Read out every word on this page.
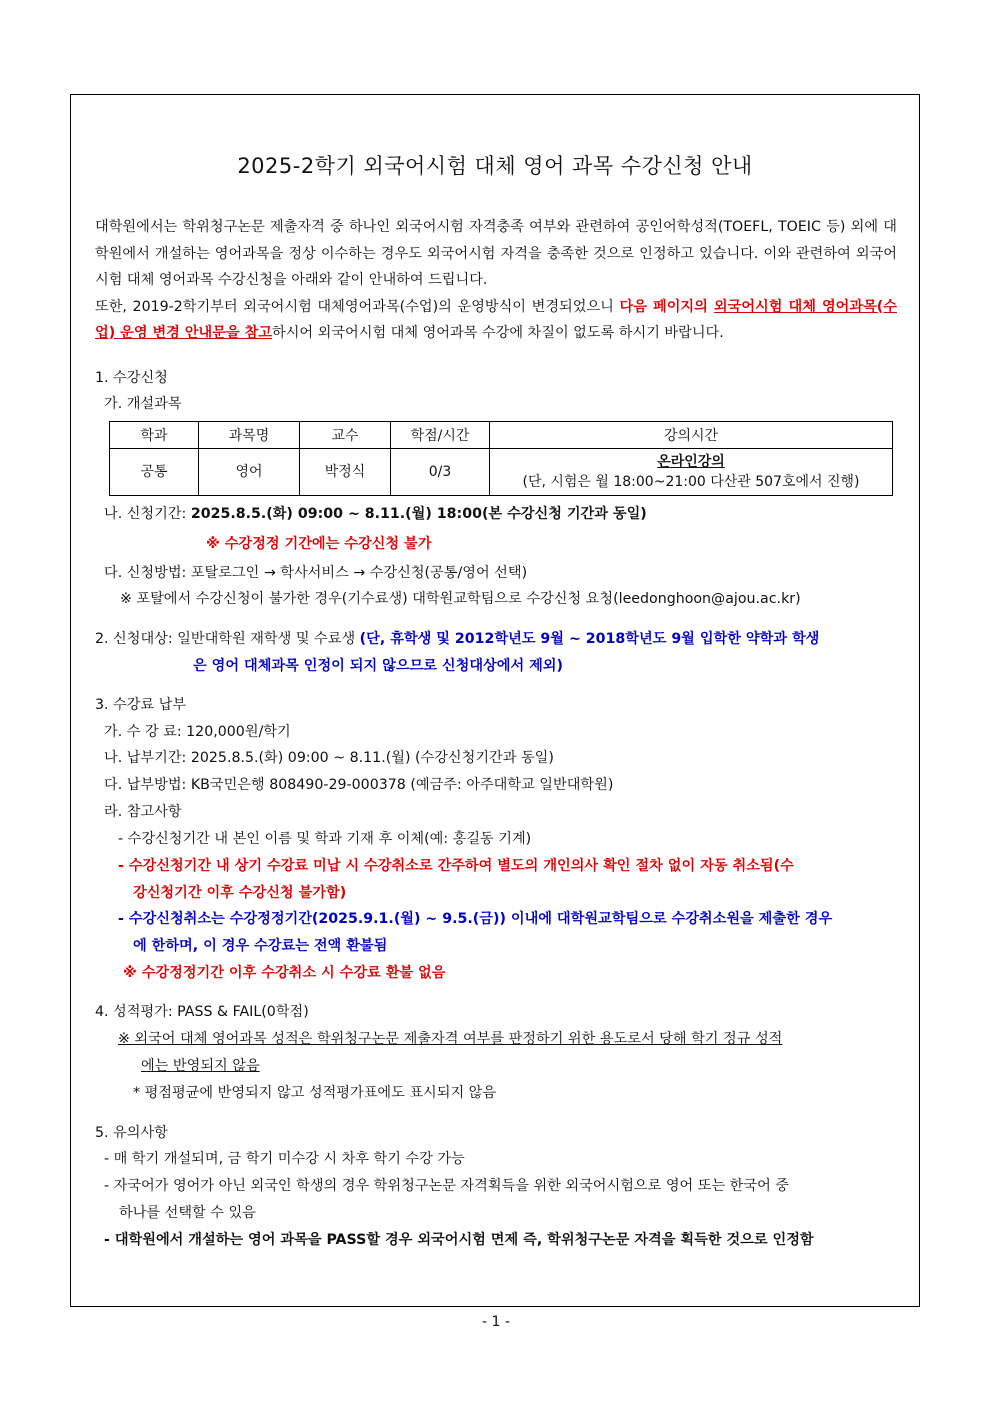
2025-2학기 외국어시험 대체 영어 과목 수강신청 안내

대학원에서는 학위청구논문 제출자격 중 하나인 외국어시험 자격충족 여부와 관련하여 공인어학성적(TOEFL, TOEIC 등) 외에 대학원에서 개설하는 영어과목을 정상 이수하는 경우도 외국어시험 자격을 충족한 것으로 인정하고 있습니다. 이와 관련하여 외국어시험 대체 영어과목 수강신청을 아래와 같이 안내하여 드립니다.

또한, 2019-2학기부터 외국어시험 대체영어과목(수업)의 운영방식이 변경되었으니 다음 페이지의 외국어시험 대체 영어과목(수업) 운영 변경 안내문을 참고하시어 외국어시험 대체 영어과목 수강에 차질이 없도록 하시기 바랍니다.

1. 수강신청
가. 개설과목
학과	과목명	교수	학점/시간	강의시간
공통	영어	박정식	0/3	온라인강의
(단, 시험은 월 18:00~21:00 다산관 507호에서 진행)
나. 신청기간: 2025.8.5.(화) 09:00 ~ 8.11.(월) 18:00(본 수강신청 기간과 동일)
※ 수강정정 기간에는 수강신청 불가
다. 신청방법: 포탈로그인 → 학사서비스 → 수강신청(공통/영어 선택)
※ 포탈에서 수강신청이 불가한 경우(기수료생) 대학원교학팀으로 수강신청 요청(leedonghoon@ajou.ac.kr)
2. 신청대상: 일반대학원 재학생 및 수료생 (단, 휴학생 및 2012학년도 9월 ~ 2018학년도 9월 입학한 약학과 학생
은 영어 대체과목 인정이 되지 않으므로 신청대상에서 제외)
3. 수강료 납부
가. 수 강 료: 120,000원/학기
나. 납부기간: 2025.8.5.(화) 09:00 ~ 8.11.(월) (수강신청기간과 동일)
다. 납부방법: KB국민은행 808490-29-000378 (예금주: 아주대학교 일반대학원)
라. 참고사항
- 수강신청기간 내 본인 이름 및 학과 기재 후 이체(예: 홍길동 기계)
- 수강신청기간 내 상기 수강료 미납 시 수강취소로 간주하여 별도의 개인의사 확인 절차 없이 자동 취소됨(수
강신청기간 이후 수강신청 불가함)
- 수강신청취소는 수강정정기간(2025.9.1.(월) ~ 9.5.(금)) 이내에 대학원교학팀으로 수강취소원을 제출한 경우
에 한하며, 이 경우 수강료는 전액 환불됨
※ 수강정정기간 이후 수강취소 시 수강료 환불 없음
4. 성적평가: PASS & FAIL(0학점)
※ 외국어 대체 영어과목 성적은 학위청구논문 제출자격 여부를 판정하기 위한 용도로서 당해 학기 정규 성적
에는 반영되지 않음
* 평점평균에 반영되지 않고 성적평가표에도 표시되지 않음
5. 유의사항
- 매 학기 개설되며, 금 학기 미수강 시 차후 학기 수강 가능
- 자국어가 영어가 아닌 외국인 학생의 경우 학위청구논문 자격획득을 위한 외국어시험으로 영어 또는 한국어 중
하나를 선택할 수 있음
- 대학원에서 개설하는 영어 과목을 PASS할 경우 외국어시험 면제 즉, 학위청구논문 자격을 획득한 것으로 인정함
- 1 -
